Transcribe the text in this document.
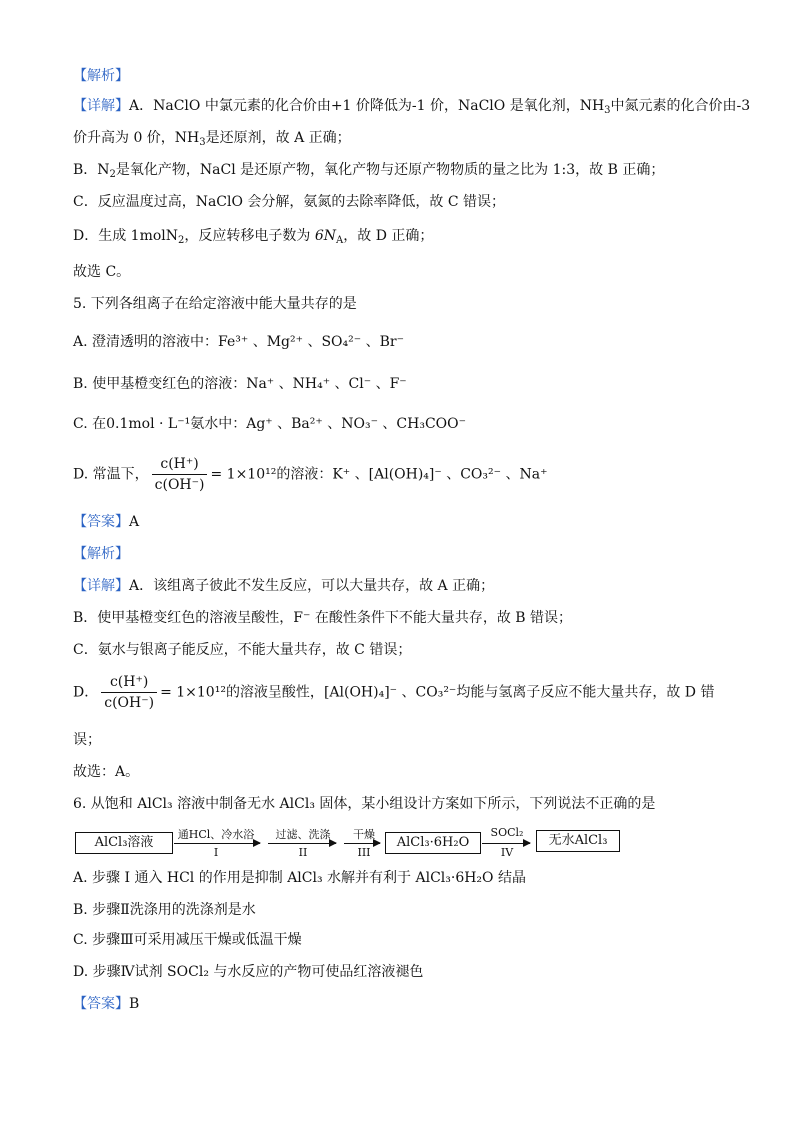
【解析】
【详解】A．NaClO 中氯元素的化合价由+1 价降低为-1 价，NaClO 是氧化剂，$NH_3$中氮元素的化合价由-3
价升高为 0 价，$NH_3$是还原剂，故 A 正确；
B．$N_2$是氧化产物，NaCl 是还原产物，氧化产物与还原产物物质的量之比为 1:3，故 B 正确；
C．反应温度过高，NaClO 会分解，氨氮的去除率降低，故 C 错误；
D．生成 1molN$_2$，反应转移电子数为 $6N_A$，故 D 正确；
故选 C。
5. 下列各组离子在给定溶液中能大量共存的是
A. 澄清透明的溶液中：Fe³⁺ 、Mg²⁺ 、SO₄²⁻ 、Br⁻
B. 使甲基橙变红色的溶液：Na⁺ 、NH₄⁺ 、Cl⁻ 、F⁻
C. 在0.1mol · L⁻¹氨水中：Ag⁺ 、Ba²⁺ 、NO₃⁻ 、CH₃COO⁻
D. 常温下， $\frac{c(H^+)}{c(OH^-)} = 1\times 10^{12}$的溶液：K⁺ 、[Al(OH)₄]⁻ 、CO₃²⁻ 、Na⁺
【答案】A
【解析】
【详解】A．该组离子彼此不发生反应，可以大量共存，故 A 正确；
B．使甲基橙变红色的溶液呈酸性，F⁻ 在酸性条件下不能大量共存，故 B 错误；
C．氨水与银离子能反应，不能大量共存，故 C 错误；
D． $\frac{c(H^+)}{c(OH^-)} = 1\times 10^{12}$的溶液呈酸性，[Al(OH)₄]⁻ 、CO₃²⁻均能与氢离子反应不能大量共存，故 D 错
误；
故选：A。
6. 从饱和 AlCl₃ 溶液中制备无水 AlCl₃ 固体，某小组设计方案如下所示，下列说法不正确的是
AlCl₃溶液
通HCl、冷水浴
I
过滤、洗涤
II
干燥
III
AlCl₃·6H₂O
SOCl₂
IV
无水AlCl₃
A. 步骤 I 通入 HCl 的作用是抑制 AlCl₃ 水解并有利于 AlCl₃·6H₂O 结晶
B. 步骤Ⅱ洗涤用的洗涤剂是水
C. 步骤Ⅲ可采用减压干燥或低温干燥
D. 步骤Ⅳ试剂 SOCl₂ 与水反应的产物可使品红溶液褪色
【答案】B
